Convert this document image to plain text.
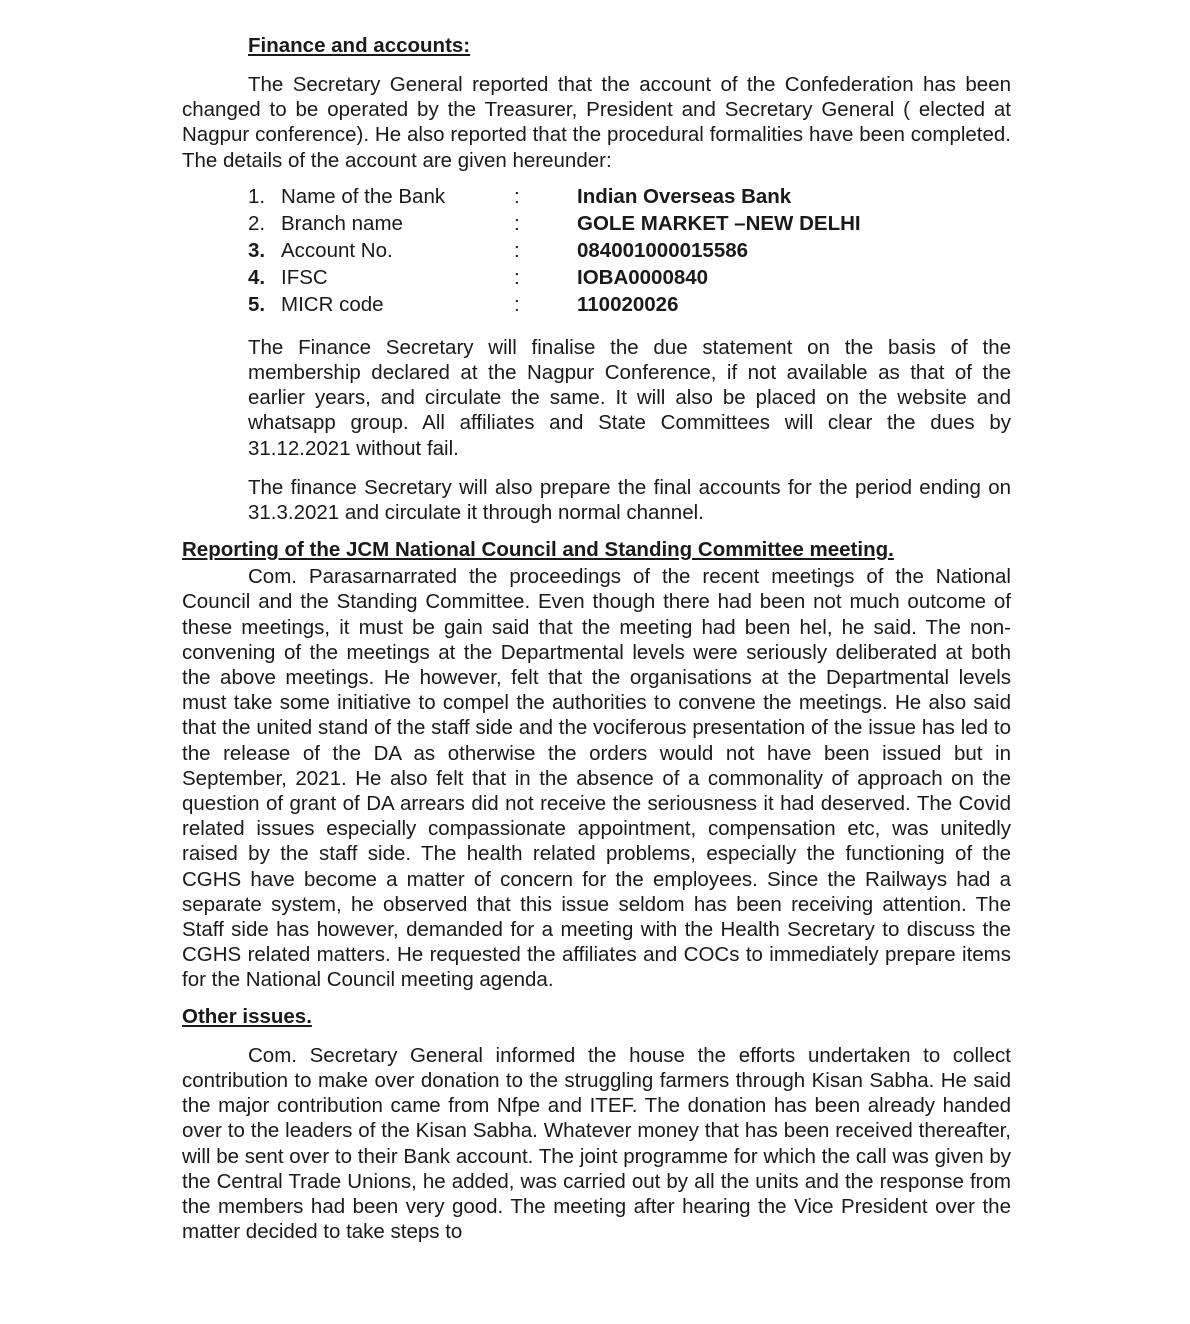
Finance and accounts:

The Secretary General reported that the account of the Confederation has been changed to be operated by the Treasurer, President and Secretary General ( elected at Nagpur conference). He also reported that the procedural formalities have been completed. The details of the account are given hereunder:

1.	Name of the Bank	:	Indian Overseas Bank
2.	Branch name	:	GOLE MARKET –NEW DELHI
3.	Account No.	:	084001000015586
4.	IFSC	:	IOBA0000840
5.	MICR code	:	110020026

The Finance Secretary will finalise the due statement on the basis of the membership declared at the Nagpur Conference, if not available as that of the earlier years, and circulate the same. It will also be placed on the website and whatsapp group. All affiliates and State Committees will clear the dues by 31.12.2021 without fail.

The finance Secretary will also prepare the final accounts for the period ending on 31.3.2021 and circulate it through normal channel.

Reporting of the JCM National Council and Standing Committee meeting.

Com. Parasarnarrated the proceedings of the recent meetings of the National Council and the Standing Committee. Even though there had been not much outcome of these meetings, it must be gain said that the meeting had been hel, he said. The non-convening of the meetings at the Departmental levels were seriously deliberated at both the above meetings. He however, felt that the organisations at the Departmental levels must take some initiative to compel the authorities to convene the meetings. He also said that the united stand of the staff side and the vociferous presentation of the issue has led to the release of the DA as otherwise the orders would not have been issued but in September, 2021. He also felt that in the absence of a commonality of approach on the question of grant of DA arrears did not receive the seriousness it had deserved. The Covid related issues especially compassionate appointment, compensation etc, was unitedly raised by the staff side. The health related problems, especially the functioning of the CGHS have become a matter of concern for the employees. Since the Railways had a separate system, he observed that this issue seldom has been receiving attention. The Staff side has however, demanded for a meeting with the Health Secretary to discuss the CGHS related matters. He requested the affiliates and COCs to immediately prepare items for the National Council meeting agenda.

Other issues.

Com. Secretary General informed the house the efforts undertaken to collect contribution to make over donation to the struggling farmers through Kisan Sabha. He said the major contribution came from Nfpe and ITEF. The donation has been already handed over to the leaders of the Kisan Sabha. Whatever money that has been received thereafter, will be sent over to their Bank account. The joint programme for which the call was given by the Central Trade Unions, he added, was carried out by all the units and the response from the members had been very good. The meeting after hearing the Vice President over the matter decided to take steps to
